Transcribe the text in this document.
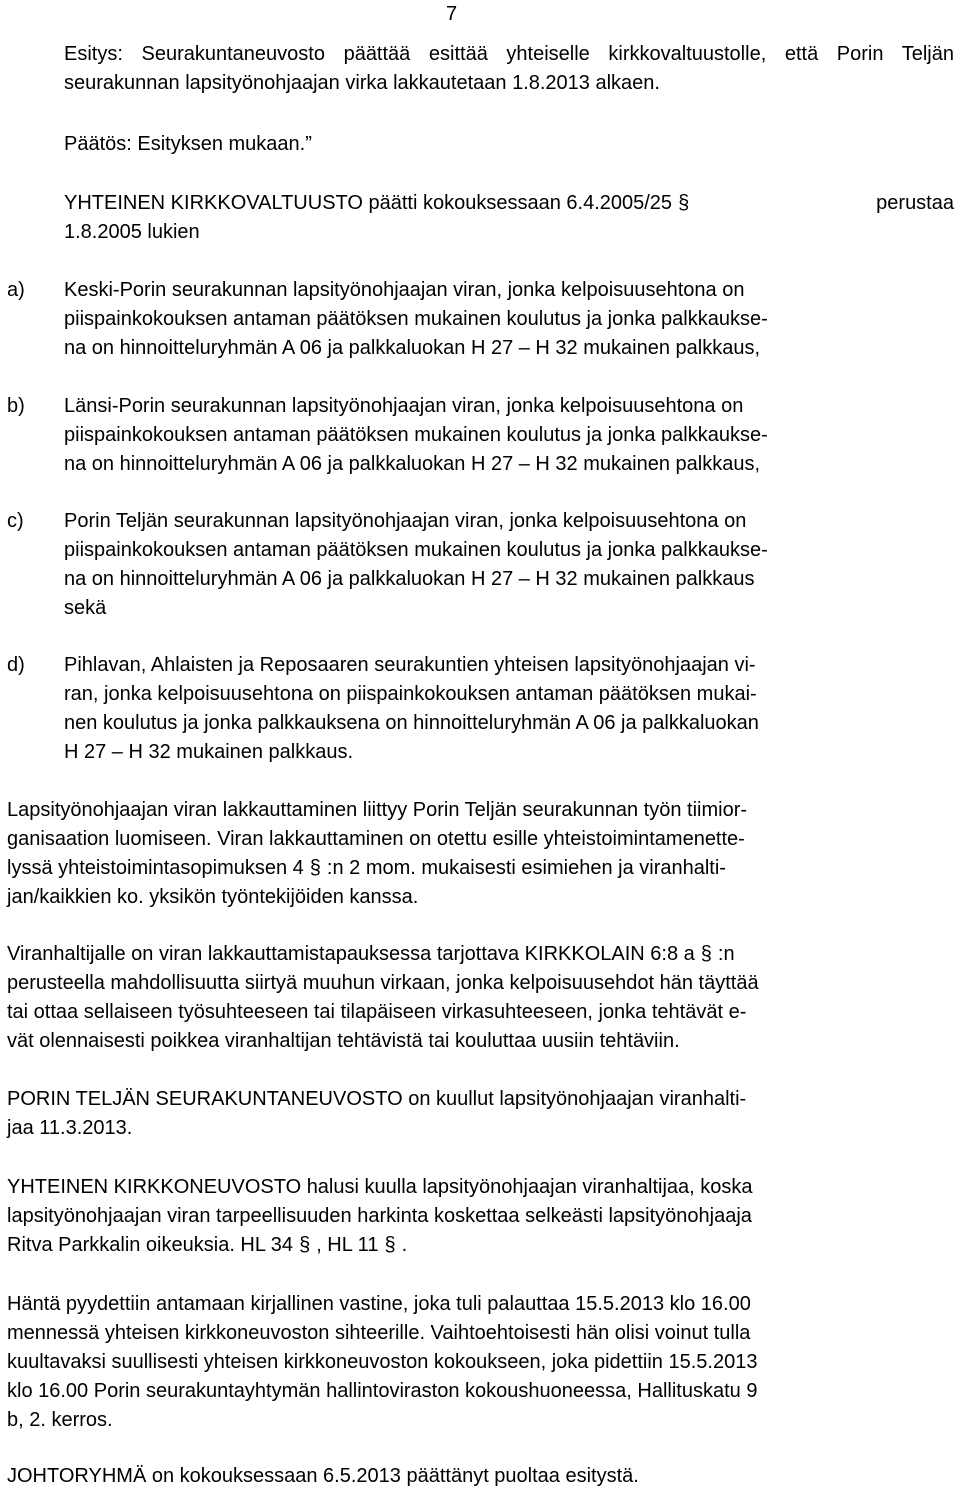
7
Esitys: Seurakuntaneuvosto päättää esittää yhteiselle kirkkovaltuustolle, että Porin Teljän seurakunnan lapsityönohjaajan virka lakkautetaan 1.8.2013 alkaen.
Päätös: Esityksen mukaan.”
YHTEINEN KIRKKOVALTUUSTO päätti kokouksessaan 6.4.2005/25 §	perustaa
1.8.2005 lukien
a) Keski-Porin seurakunnan lapsityönohjaajan viran, jonka kelpoisuusehtona on
piispainkokouksen antaman päätöksen mukainen koulutus ja jonka palkkaukse-
na on hinnoitteluryhmän A 06 ja palkkaluokan H 27 – H 32 mukainen palkkaus,
b) Länsi-Porin seurakunnan lapsityönohjaajan viran, jonka kelpoisuusehtona on
piispainkokouksen antaman päätöksen mukainen koulutus ja jonka palkkaukse-
na on hinnoitteluryhmän A 06 ja palkkaluokan H 27 – H 32 mukainen palkkaus,
c) Porin Teljän seurakunnan lapsityönohjaajan viran, jonka kelpoisuusehtona on
piispainkokouksen antaman päätöksen mukainen koulutus ja jonka palkkaukse-
na on hinnoitteluryhmän A 06 ja palkkaluokan H 27 – H 32 mukainen palkkaus
sekä
d) Pihlavan, Ahlaisten ja Reposaaren seurakuntien yhteisen lapsityönohjaajan vi-
ran, jonka kelpoisuusehtona on piispainkokouksen antaman päätöksen mukai-
nen koulutus ja jonka palkkauksena on hinnoitteluryhmän A 06 ja palkkaluokan
H 27 – H 32 mukainen palkkaus.
Lapsityönohjaajan viran lakkauttaminen liittyy Porin Teljän seurakunnan työn tiimior-
ganisaation luomiseen. Viran lakkauttaminen on otettu esille yhteistoimintamenette-
lyssä yhteistoimintasopimuksen 4 § :n 2 mom. mukaisesti esimiehen ja viranhalti-
jan/kaikkien ko. yksikön työntekijöiden kanssa.
Viranhaltijalle on viran lakkauttamistapauksessa tarjottava KIRKKOLAIN 6:8 a § :n
perusteella mahdollisuutta siirtyä muuhun virkaan, jonka kelpoisuusehdot hän täyttää
tai ottaa sellaiseen työsuhteeseen tai tilapäiseen virkasuhteeseen, jonka tehtävät e-
vät olennaisesti poikkea viranhaltijan tehtävistä tai kouluttaa uusiin tehtäviin.
PORIN TELJÄN SEURAKUNTANEUVOSTO on kuullut lapsityönohjaajan viranhalti-
jaa 11.3.2013.
YHTEINEN KIRKKONEUVOSTO halusi kuulla lapsityönohjaajan viranhaltijaa, koska
lapsityönohjaajan viran tarpeellisuuden harkinta koskettaa selkeästi lapsityönohjaaja
Ritva Parkkalin oikeuksia. HL 34 § , HL 11 § .
Häntä pyydettiin antamaan kirjallinen vastine, joka tuli palauttaa 15.5.2013 klo 16.00
mennessä yhteisen kirkkoneuvoston sihteerille. Vaihtoehtoisesti hän olisi voinut tulla
kuultavaksi suullisesti yhteisen kirkkoneuvoston kokoukseen, joka pidettiin 15.5.2013
klo 16.00 Porin seurakuntayhtymän hallintoviraston kokoushuoneessa, Hallituskatu 9
b, 2. kerros.
JOHTORYHMÄ on kokouksessaan 6.5.2013 päättänyt puoltaa esitystä.
